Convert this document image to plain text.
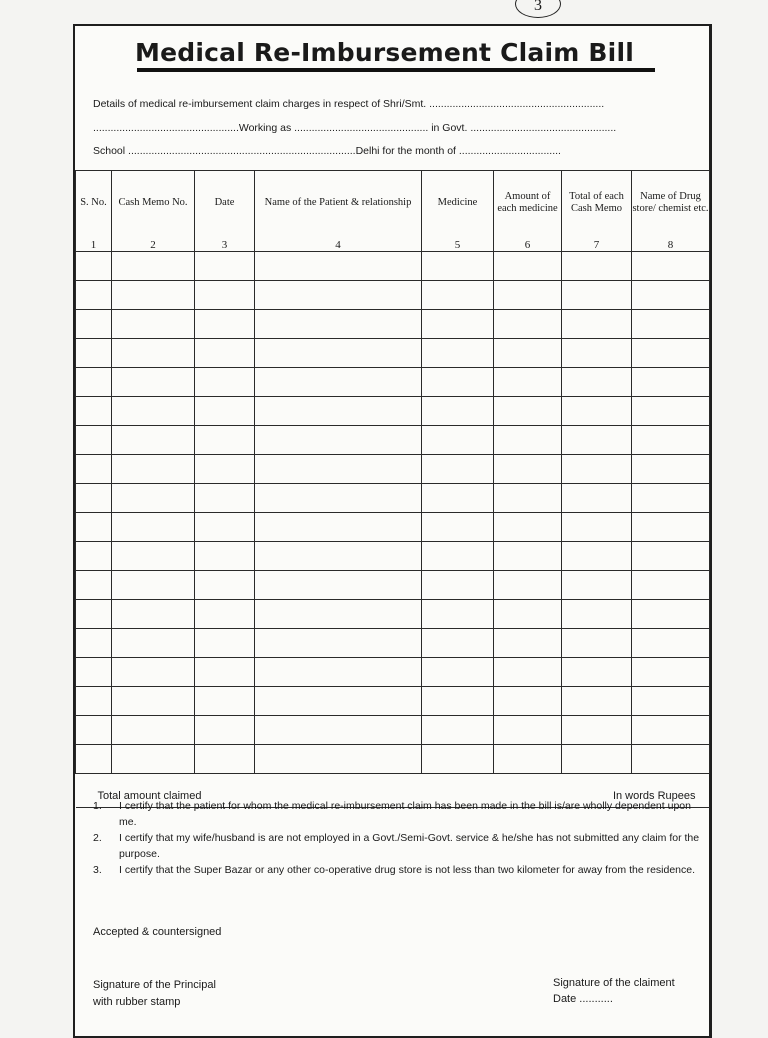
3
Medical Re-Imbursement Claim Bill
Details of medical re-imbursement claim charges in respect of Shri/Smt. ............................................................
..................................................Working as .............................................. in Govt. ..................................................
School ..............................................................................Delhi for the month of ...................................
S. No.	Cash Memo No.	Date	Name of the Patient & relationship	Medicine	Amount of each medicine	Total of each Cash Memo	Name of Drug store/ chemist etc.
1	2	3	4	5	6	7	8

Total amount claimed					In words Rupees		
1.	I certify that the patient for whom the medical re-imbursement claim has been made in the bill is/are wholly dependent upon me.
2.	I certify that my wife/husband is are not employed in a Govt./Semi-Govt. service & he/she has not submitted any claim for the purpose.
3.	I certify that the Super Bazar or any other co-operative drug store is not less than two kilometer for away from the residence.
Accepted & countersigned
Signature of the Principal
with rubber stamp
Signature of the claiment
Date ...........
